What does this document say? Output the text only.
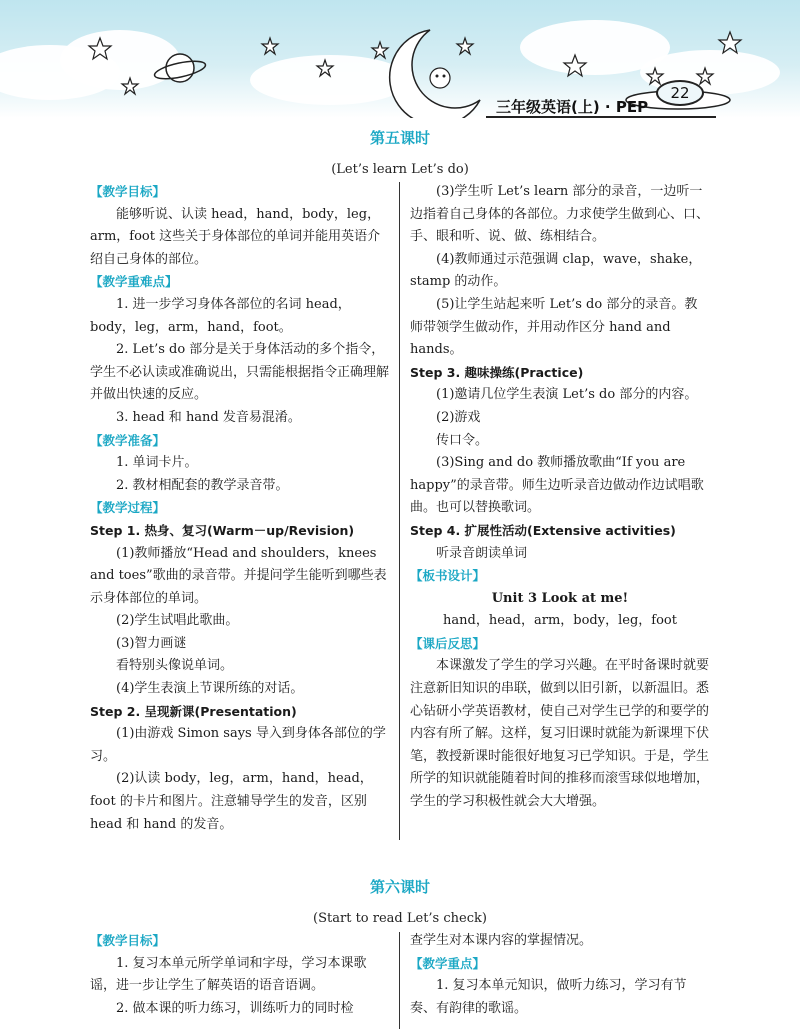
三年级英语(上) · PEP
22
第五课时
(Let’s learn Let’s do)

【教学目标】

能够听说、认读 head，hand，body，leg，arm，foot 这些关于身体部位的单词并能用英语介绍自己身体的部位。

【教学重难点】

1. 进一步学习身体各部位的名词 head，body，leg，arm，hand，foot。

2. Let’s do 部分是关于身体活动的多个指令，学生不必认读或准确说出，只需能根据指令正确理解并做出快速的反应。

3. head 和 hand 发音易混淆。

【教学准备】

1. 单词卡片。

2. 教材相配套的教学录音带。

【教学过程】

Step 1. 热身、复习(Warm－up/Revision)

(1)教师播放“Head and shoulders，knees and toes”歌曲的录音带。并提问学生能听到哪些表示身体部位的单词。

(2)学生试唱此歌曲。

(3)智力画谜

看特别头像说单词。

(4)学生表演上节课所练的对话。

Step 2. 呈现新课(Presentation)

(1)由游戏 Simon says 导入到身体各部位的学习。

(2)认读 body，leg，arm，hand，head，foot 的卡片和图片。注意辅导学生的发音，区别 head 和 hand 的发音。

(3)学生听 Let’s learn 部分的录音，一边听一边指着自己身体的各部位。力求使学生做到心、口、手、眼和听、说、做、练相结合。

(4)教师通过示范强调 clap，wave，shake，stamp 的动作。

(5)让学生站起来听 Let’s do 部分的录音。教师带领学生做动作，并用动作区分 hand and hands。

Step 3. 趣味操练(Practice)

(1)邀请几位学生表演 Let’s do 部分的内容。

(2)游戏

传口令。

(3)Sing and do 教师播放歌曲“If you are happy”的录音带。师生边听录音边做动作边试唱歌曲。也可以替换歌词。

Step 4. 扩展性活动(Extensive activities)

听录音朗读单词

【板书设计】

Unit 3 Look at me!

hand，head，arm，body，leg，foot

【课后反思】

本课激发了学生的学习兴趣。在平时备课时就要注意新旧知识的串联，做到以旧引新，以新温旧。悉心钻研小学英语教材，使自己对学生已学的和要学的内容有所了解。这样，复习旧课时就能为新课埋下伏笔，教授新课时能很好地复习已学知识。于是，学生所学的知识就能随着时间的推移而滚雪球似地增加，学生的学习积极性就会大大增强。

第六课时
(Start to read Let’s check)

【教学目标】

1. 复习本单元所学单词和字母，学习本课歌谣，进一步让学生了解英语的语音语调。

2. 做本课的听力练习，训练听力的同时检

查学生对本课内容的掌握情况。

【教学重点】

1. 复习本单元知识，做听力练习，学习有节奏、有韵律的歌谣。
